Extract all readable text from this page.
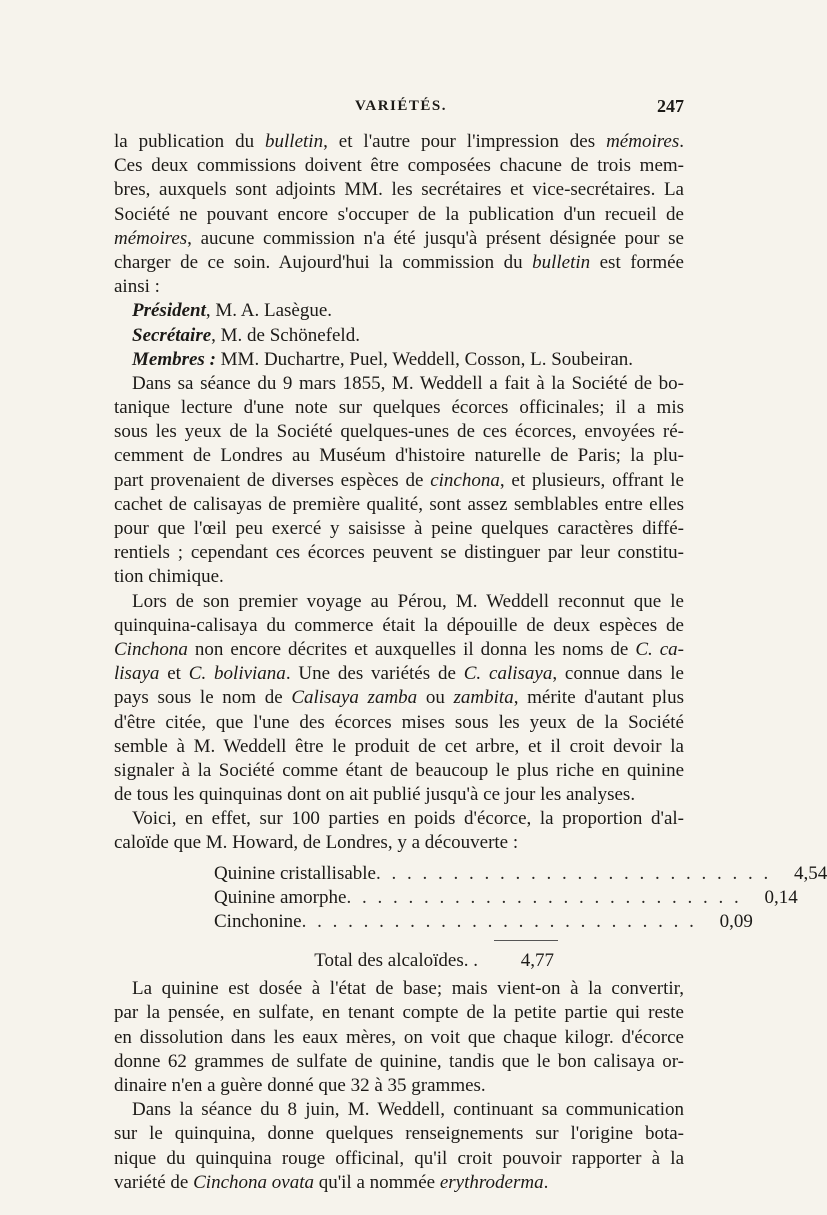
VARIÉTÉS.	247
la publication du bulletin, et l'autre pour l'impression des mémoires.
Ces deux commissions doivent être composées chacune de trois mem-
bres, auxquels sont adjoints MM. les secrétaires et vice-secrétaires. La
Société ne pouvant encore s'occuper de la publication d'un recueil de
mémoires, aucune commission n'a été jusqu'à présent désignée pour se
charger de ce soin. Aujourd'hui la commission du bulletin est formée
ainsi :
Président, M. A. Lasègue.
Secrétaire, M. de Schönefeld.
Membres : MM. Duchartre, Puel, Weddell, Cosson, L. Soubeiran.
Dans sa séance du 9 mars 1855, M. Weddell a fait à la Société de bo-
tanique lecture d'une note sur quelques écorces officinales; il a mis
sous les yeux de la Société quelques-unes de ces écorces, envoyées ré-
cemment de Londres au Muséum d'histoire naturelle de Paris; la plu-
part provenaient de diverses espèces de cinchona, et plusieurs, offrant le
cachet de calisayas de première qualité, sont assez semblables entre elles
pour que l'œil peu exercé y saisisse à peine quelques caractères diffé-
rentiels ; cependant ces écorces peuvent se distinguer par leur constitu-
tion chimique.
Lors de son premier voyage au Pérou, M. Weddell reconnut que le
quinquina-calisaya du commerce était la dépouille de deux espèces de
Cinchona non encore décrites et auxquelles il donna les noms de C. ca-
lisaya et C. boliviana. Une des variétés de C. calisaya, connue dans le
pays sous le nom de Calisaya zamba ou zambita, mérite d'autant plus
d'être citée, que l'une des écorces mises sous les yeux de la Société
semble à M. Weddell être le produit de cet arbre, et il croit devoir la
signaler à la Société comme étant de beaucoup le plus riche en quinine
de tous les quinquinas dont on ait publié jusqu'à ce jour les analyses.
Voici, en effet, sur 100 parties en poids d'écorce, la proportion d'al-
caloïde que M. Howard, de Londres, y a découverte :
Quinine cristallisable . . . . . . . . . . . . . . . . . . . . . . . . . .	4,54
Quinine amorphe . . . . . . . . . . . . . . . . . . . . . . . . . .	0,14
Cinchonine . . . . . . . . . . . . . . . . . . . . . . . . . .	0,09
Total des alcaloïdes. .	4,77
La quinine est dosée à l'état de base; mais vient-on à la convertir,
par la pensée, en sulfate, en tenant compte de la petite partie qui reste
en dissolution dans les eaux mères, on voit que chaque kilogr. d'écorce
donne 62 grammes de sulfate de quinine, tandis que le bon calisaya or-
dinaire n'en a guère donné que 32 à 35 grammes.
Dans la séance du 8 juin, M. Weddell, continuant sa communication
sur le quinquina, donne quelques renseignements sur l'origine bota-
nique du quinquina rouge officinal, qu'il croit pouvoir rapporter à la
variété de Cinchona ovata qu'il a nommée erythroderma.
